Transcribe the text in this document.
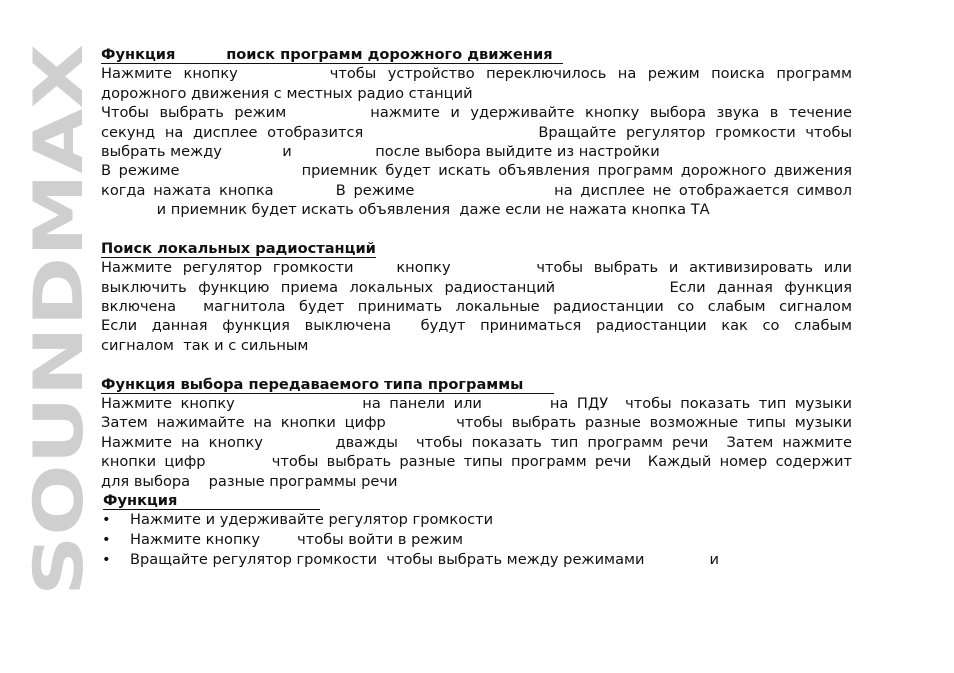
SOUNDMAX
Функция          поиск программ дорожного движения
Нажмите кнопку        чтобы устройство переключилось на режим поиска программ
дорожного движения с местных радио станций
Чтобы выбрать режим        нажмите и удерживайте кнопку выбора звука в течение
секунд на дисплее отобразится                  Вращайте регулятор громкости чтобы
выбрать между             и                  после выбора выйдите из настройки
В режиме                приемник будет искать объявления программ дорожного движения
когда нажата кнопка        В режиме                  на дисплее не отображается символ
и приемник будет искать объявления  даже если не нажата кнопка ТА
Поиск локальных радиостанций
Нажмите регулятор громкости    кнопку        чтобы выбрать и активизировать или
выключить функцию приема локальных радиостанций          Если данная функция
включена  магнитола будет принимать локальные радиостанции со слабым сигналом
Если данная функция выключена  будут приниматься радиостанции как со слабым
сигналом  так и с сильным
Функция выбора передаваемого типа программы
Нажмите кнопку               на панели или        на ПДУ  чтобы показать тип музыки
Затем нажимайте на кнопки цифр        чтобы выбрать разные возможные типы музыки
Нажмите на кнопку        дважды  чтобы показать тип программ речи  Затем нажмите
кнопки цифр        чтобы выбрать разные типы программ речи  Каждый номер содержит
для выбора    разные программы речи
Функция
• Нажмите и удерживайте регулятор громкости
• Нажмите кнопку        чтобы войти в режим
• Вращайте регулятор громкости  чтобы выбрать между режимами              и
